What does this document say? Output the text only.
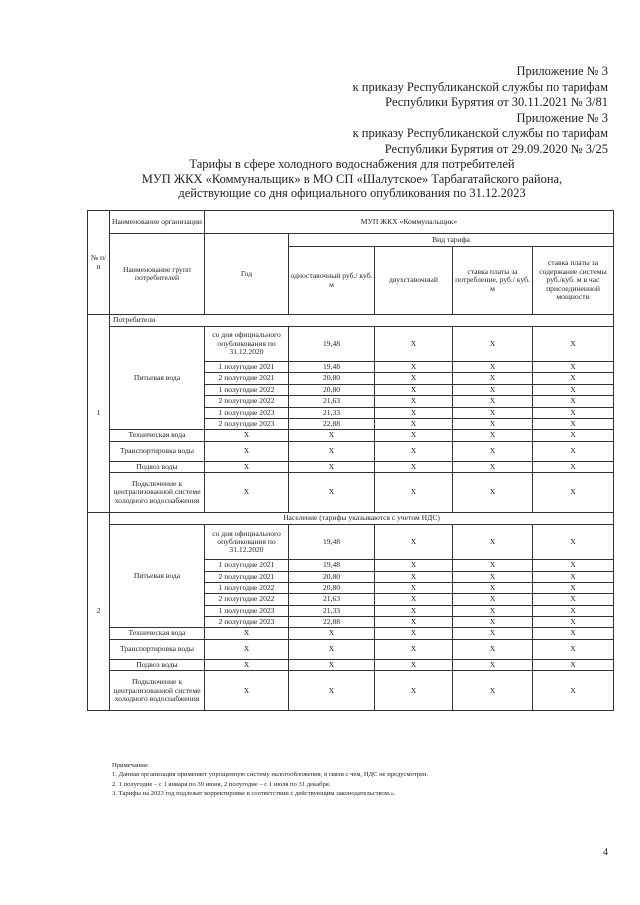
Приложение № 3
к приказу Республиканской службы по тарифам
Республики Бурятия от 30.11.2021 № 3/81
Приложение № 3
к приказу Республиканской службы по тарифам
Республики Бурятия от 29.09.2020 № 3/25
Тарифы в сфере холодного водоснабжения для потребителей
МУП ЖКХ «Коммунальщик» в МО СП «Шалутское» Тарбагатайского района,
действующие со дня официального опубликования по 31.12.2023
№ п/п	Наименование организации	МУП ЖКХ «Коммунальщик»				
	Наименование групп потребителей	Год	Вид тарифа			
			одноставочный руб./ куб. м	двухставочный	ставка платы за потребление, руб./ куб. м	ставка платы за содержание системы руб./куб. м в час присоединенной мощности
1	Потребители					
	Питьевая вода	со дня официального опубликования по 31.12.2020	19,48	X	X	X
		1 полугодие 2021	19,48	X	X	X
		2 полугодие 2021	20,80	X	X	X
		1 полугодие 2022	20,80	X	X	X
		2 полугодие 2022	21,63	X	X	X
		1 полугодие 2023	21,33	X	X	X
		2 полугодие 2023	22,88	X	X	X
	Техническая вода	X	X	X	X	X
	Транспортировка воды	X	X	X	X	X
	Подвоз воды	X	X	X	X	X
	Подключение к централизованной системе холодного водоснабжения	X	X	X	X	X
2	Население (тарифы указываются с учетом НДС)					
	Питьевая вода	со дня официального опубликования по 31.12.2020	19,48	X	X	X
		1 полугодие 2021	19,48	X	X	X
		2 полугодие 2021	20,80	X	X	X
		1 полугодие 2022	20,80	X	X	X
		2 полугодие 2022	21,63	X	X	X
		1 полугодие 2023	21,33	X	X	X
		2 полугодие 2023	22,88	X	X	X
	Техническая вода	X	X	X	X	X
	Транспортировка воды	X	X	X	X	X
	Подвоз воды	X	X	X	X	X
	Подключение к централизованной системе холодного водоснабжения	X	X	X	X	X
Примечания:
1. Данная организация применяет упрощенную систему налогообложения, в связи с чем, НДС не предусмотрен.
2. 1 полугодие – с 1 января по 30 июня, 2 полугодие – с 1 июля по 31 декабря.
3. Тарифы на 2023 год подлежат корректировке в соответствии с действующим законодательством.».
4
